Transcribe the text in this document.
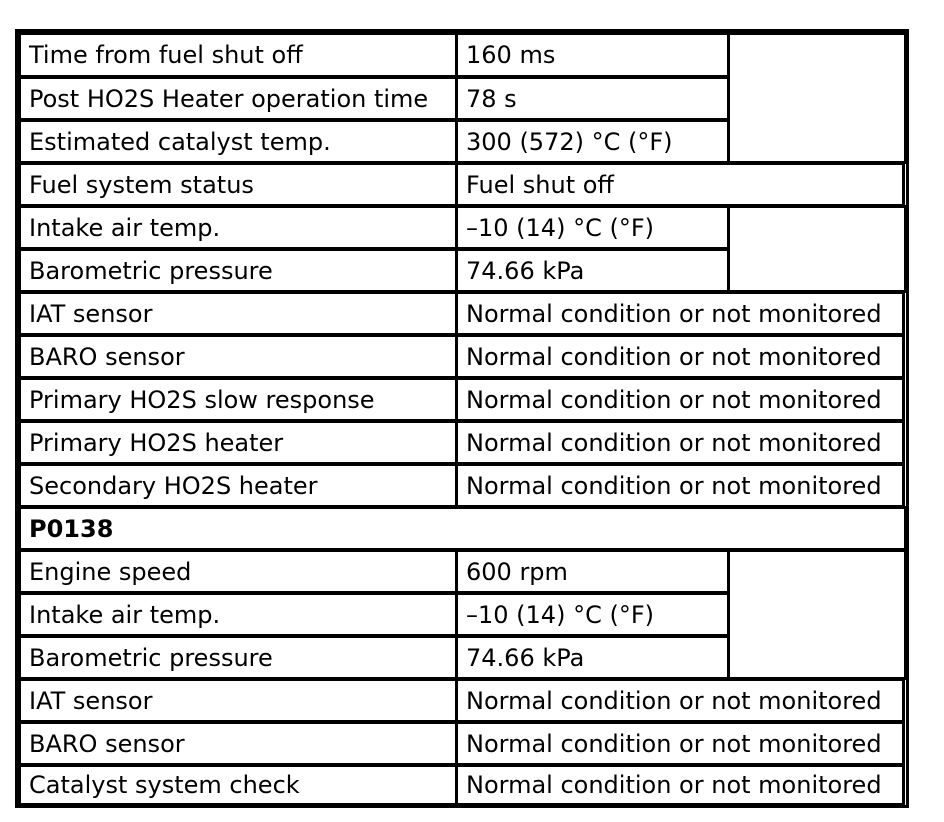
Time from fuel shut off	160 ms
Post HO2S Heater operation time	78 s
Estimated catalyst temp.	300 (572) °C (°F)
Fuel system status	Fuel shut off
Intake air temp.	–10 (14) °C (°F)
Barometric pressure	74.66 kPa
IAT sensor	Normal condition or not monitored
BARO sensor	Normal condition or not monitored
Primary HO2S slow response	Normal condition or not monitored
Primary HO2S heater	Normal condition or not monitored
Secondary HO2S heater	Normal condition or not monitored
P0138
Engine speed	600 rpm
Intake air temp.	–10 (14) °C (°F)
Barometric pressure	74.66 kPa
IAT sensor	Normal condition or not monitored
BARO sensor	Normal condition or not monitored
Catalyst system check	Normal condition or not monitored
